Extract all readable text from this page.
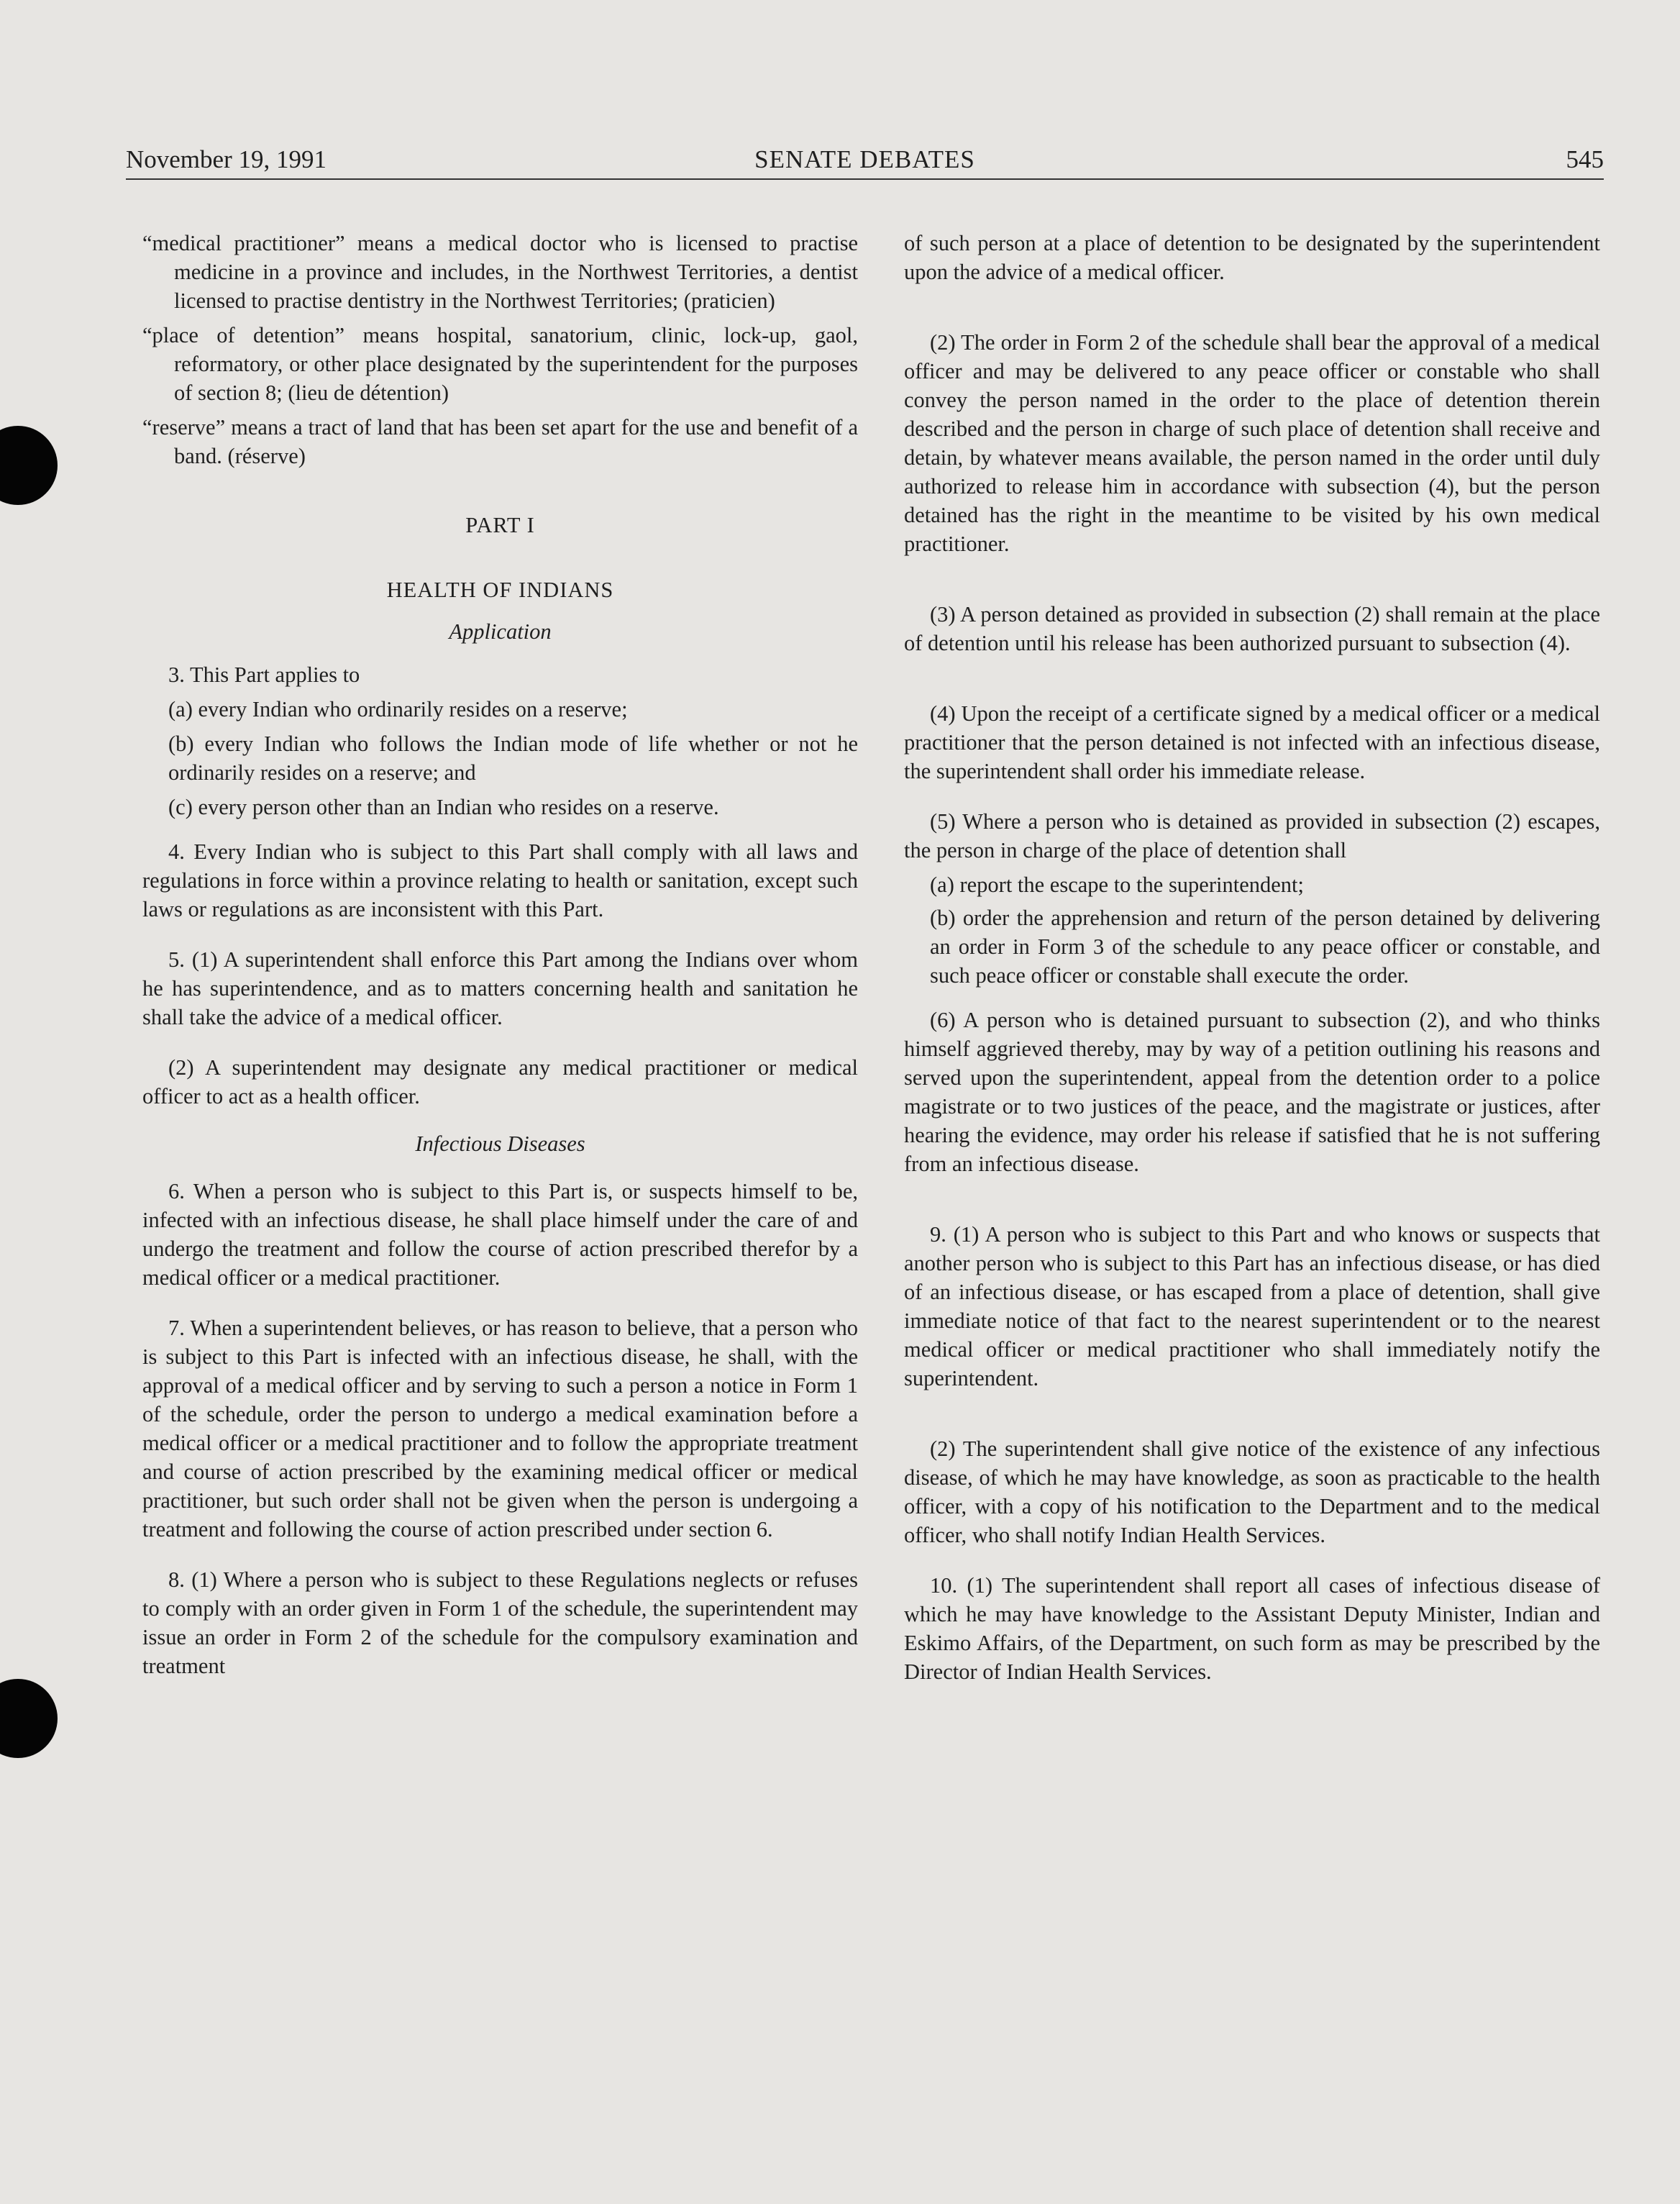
November 19, 1991	SENATE DEBATES	545

“medical practitioner” means a medical doctor who is licensed to practise medicine in a province and includes, in the Northwest Territories, a dentist licensed to practise dentistry in the Northwest Territories; (praticien)

“place of detention” means hospital, sanatorium, clinic, lock-up, gaol, reformatory, or other place designated by the superintendent for the purposes of section 8; (lieu de détention)

“reserve” means a tract of land that has been set apart for the use and benefit of a band. (réserve)

PART I

HEALTH OF INDIANS

Application

3. This Part applies to

(a) every Indian who ordinarily resides on a reserve;

(b) every Indian who follows the Indian mode of life whether or not he ordinarily resides on a reserve; and

(c) every person other than an Indian who resides on a reserve.

4. Every Indian who is subject to this Part shall comply with all laws and regulations in force within a province relating to health or sanitation, except such laws or regulations as are inconsistent with this Part.

5. (1) A superintendent shall enforce this Part among the Indians over whom he has superintendence, and as to matters concerning health and sanitation he shall take the advice of a medical officer.

(2) A superintendent may designate any medical practitioner or medical officer to act as a health officer.

Infectious Diseases

6. When a person who is subject to this Part is, or suspects himself to be, infected with an infectious disease, he shall place himself under the care of and undergo the treatment and follow the course of action prescribed therefor by a medical officer or a medical practitioner.

7. When a superintendent believes, or has reason to believe, that a person who is subject to this Part is infected with an infectious disease, he shall, with the approval of a medical officer and by serving to such a person a notice in Form 1 of the schedule, order the person to undergo a medical examination before a medical officer or a medical practitioner and to follow the appropriate treatment and course of action prescribed by the examining medical officer or medical practitioner, but such order shall not be given when the person is undergoing a treatment and following the course of action prescribed under section 6.

8. (1) Where a person who is subject to these Regulations neglects or refuses to comply with an order given in Form 1 of the schedule, the superintendent may issue an order in Form 2 of the schedule for the compulsory examination and treatment

of such person at a place of detention to be designated by the superintendent upon the advice of a medical officer.

(2) The order in Form 2 of the schedule shall bear the approval of a medical officer and may be delivered to any peace officer or constable who shall convey the person named in the order to the place of detention therein described and the person in charge of such place of detention shall receive and detain, by whatever means available, the person named in the order until duly authorized to release him in accordance with subsection (4), but the person detained has the right in the meantime to be visited by his own medical practitioner.

(3) A person detained as provided in subsection (2) shall remain at the place of detention until his release has been authorized pursuant to subsection (4).

(4) Upon the receipt of a certificate signed by a medical officer or a medical practitioner that the person detained is not infected with an infectious disease, the superintendent shall order his immediate release.

(5) Where a person who is detained as provided in subsection (2) escapes, the person in charge of the place of detention shall

(a) report the escape to the superintendent;

(b) order the apprehension and return of the person detained by delivering an order in Form 3 of the schedule to any peace officer or constable, and such peace officer or constable shall execute the order.

(6) A person who is detained pursuant to subsection (2), and who thinks himself aggrieved thereby, may by way of a petition outlining his reasons and served upon the superintendent, appeal from the detention order to a police magistrate or to two justices of the peace, and the magistrate or justices, after hearing the evidence, may order his release if satisfied that he is not suffering from an infectious disease.

9. (1) A person who is subject to this Part and who knows or suspects that another person who is subject to this Part has an infectious disease, or has died of an infectious disease, or has escaped from a place of detention, shall give immediate notice of that fact to the nearest superintendent or to the nearest medical officer or medical practitioner who shall immediately notify the superintendent.

(2) The superintendent shall give notice of the existence of any infectious disease, of which he may have knowledge, as soon as practicable to the health officer, with a copy of his notification to the Department and to the medical officer, who shall notify Indian Health Services.

10. (1) The superintendent shall report all cases of infectious disease of which he may have knowledge to the Assistant Deputy Minister, Indian and Eskimo Affairs, of the Department, on such form as may be prescribed by the Director of Indian Health Services.
